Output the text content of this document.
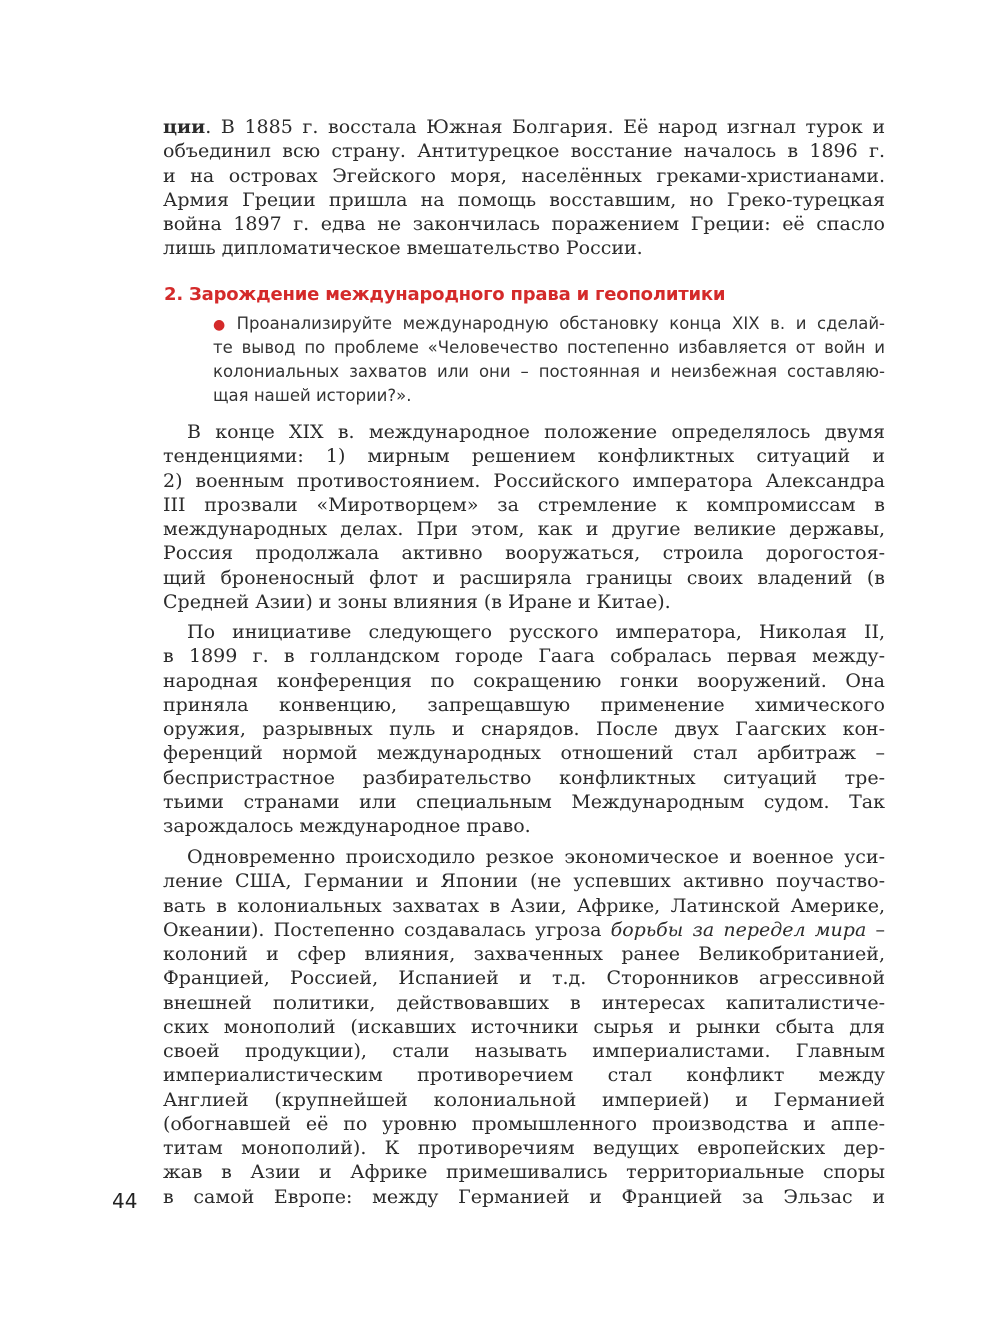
ции. В 1885 г. восстала Южная Болгария. Её народ изгнал турок и
объединил всю страну. Антитурецкое восстание началось в 1896 г.
и на островах Эгейского моря, населённых греками-христианами.
Армия Греции пришла на помощь восставшим, но Греко-турецкая
война 1897 г. едва не закончилась поражением Греции: её спасло
лишь дипломатическое вмешательство России.
2. Зарождение международного права и геополитики
● Проанализируйте международную обстановку конца XIX в. и сделай-
те вывод по проблеме «Человечество постепенно избавляется от войн и
колониальных захватов или они – постоянная и неизбежная составляю-
щая нашей истории?».
В конце XIX в. международное положение определялось двумя
тенденциями: 1) мирным решением конфликтных ситуаций и
2) военным противостоянием. Российского императора Александра
III прозвали «Миротворцем» за стремление к компромиссам в
международных делах. При этом, как и другие великие державы,
Россия продолжала активно вооружаться, строила дорогостоя-
щий броненосный флот и расширяла границы своих владений (в
Средней Азии) и зоны влияния (в Иране и Китае).
По инициативе следующего русского императора, Николая II,
в 1899 г. в голландском городе Гаага собралась первая между-
народная конференция по сокращению гонки вооружений. Она
приняла конвенцию, запрещавшую применение химического
оружия, разрывных пуль и снарядов. После двух Гаагских кон-
ференций нормой международных отношений стал арбитраж –
беспристрастное разбирательство конфликтных ситуаций тре-
тьими странами или специальным Международным судом. Так
зарождалось международное право.
Одновременно происходило резкое экономическое и военное уси-
ление США, Германии и Японии (не успевших активно поучаство-
вать в колониальных захватах в Азии, Африке, Латинской Америке,
Океании). Постепенно создавалась угроза борьбы за передел мира –
колоний и сфер влияния, захваченных ранее Великобританией,
Францией, Россией, Испанией и т.д. Сторонников агрессивной
внешней политики, действовавших в интересах капиталистиче-
ских монополий (искавших источники сырья и рынки сбыта для
своей продукции), стали называть империалистами. Главным
империалистическим противоречием стал конфликт между
Англией (крупнейшей колониальной империей) и Германией
(обогнавшей её по уровню промышленного производства и аппе-
титам монополий). К противоречиям ведущих европейских дер-
жав в Азии и Африке примешивались территориальные споры
в самой Европе: между Германией и Францией за Эльзас и
44
